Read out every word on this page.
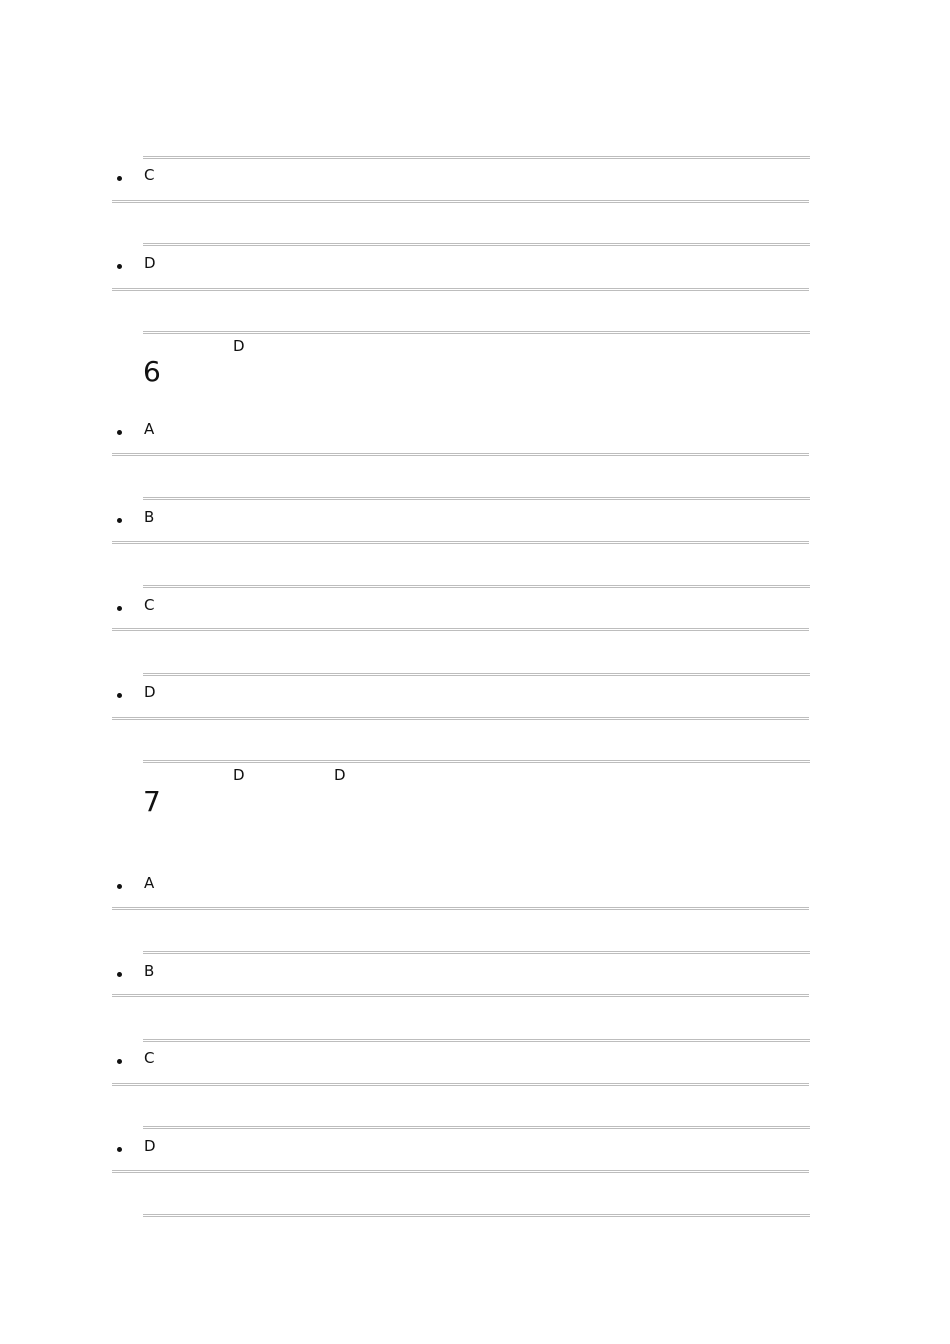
C
D
D
6
A
B
C
D
D	D
7
A
B
C
D
